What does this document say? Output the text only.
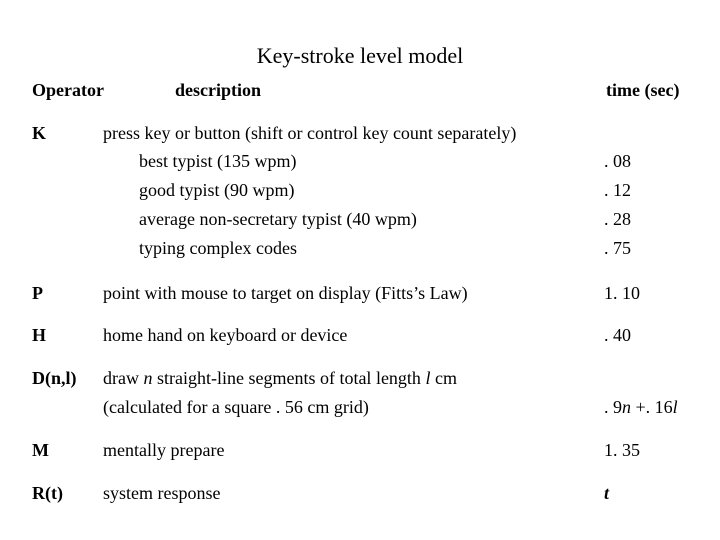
Key-stroke level model
Operator	description	time (sec)
K	press key or button (shift or control key count separately)
best typist (135 wpm)	. 08
good typist (90 wpm)	. 12
average non-secretary typist (40 wpm)	. 28
typing complex codes	. 75
P	point with mouse to target on display (Fitts’s Law)	1. 10
H	home hand on keyboard or device	. 40
D(n,l) draw n straight-line segments of total length l cm
(calculated for a square . 56 cm grid)	. 9n +. 16l
M	mentally prepare	1. 35
R(t) system response	t
